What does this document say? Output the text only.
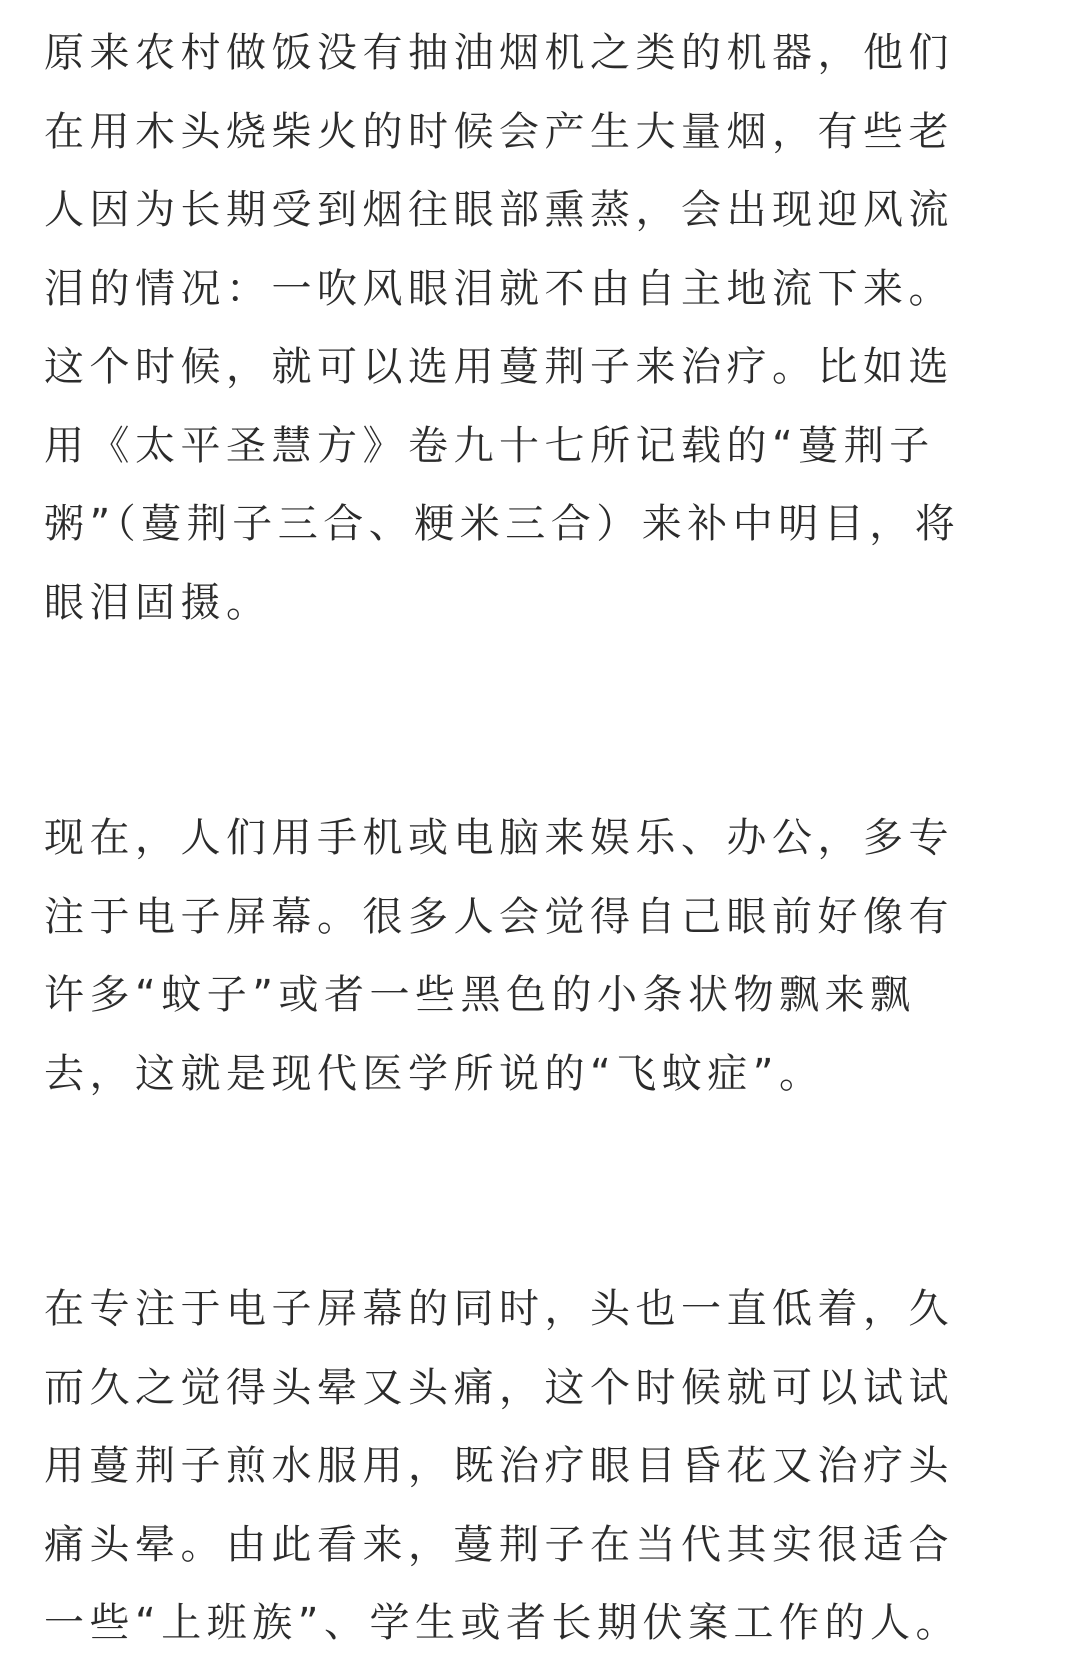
原来农村做饭没有抽油烟机之类的机器，他们
在用木头烧柴火的时候会产生大量烟，有些老
人因为长期受到烟往眼部熏蒸，会出现迎风流
泪的情况：一吹风眼泪就不由自主地流下来。
这个时候，就可以选用蔓荆子来治疗。比如选
用《太平圣慧方》卷九十七所记载的“蔓荆子
粥”（蔓荆子三合、粳米三合）来补中明目，将
眼泪固摄。
现在，人们用手机或电脑来娱乐、办公，多专
注于电子屏幕。很多人会觉得自己眼前好像有
许多“蚊子”或者一些黑色的小条状物飘来飘
去，这就是现代医学所说的“飞蚊症”。
在专注于电子屏幕的同时，头也一直低着，久
而久之觉得头晕又头痛，这个时候就可以试试
用蔓荆子煎水服用，既治疗眼目昏花又治疗头
痛头晕。由此看来，蔓荆子在当代其实很适合
一些“上班族”、学生或者长期伏案工作的人。
